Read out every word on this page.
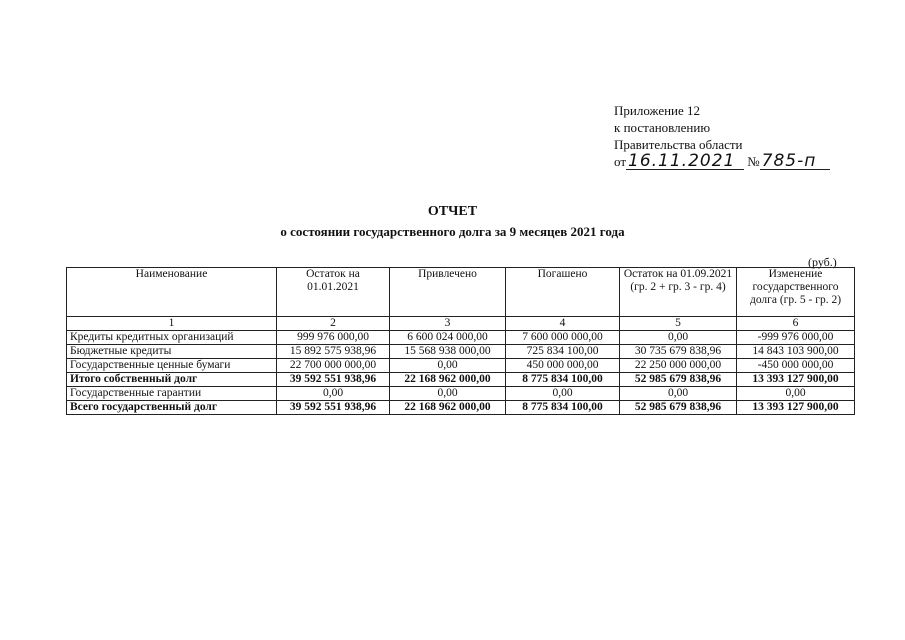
Приложение 12
к постановлению
Правительства области
от 16.11.2021 № 785-п
ОТЧЕТ
о состоянии государственного долга за 9 месяцев 2021 года
(руб.)
Наименование	Остаток на 01.01.2021	Привлечено	Погашено	Остаток на 01.09.2021 (гр. 2 + гр. 3 - гр. 4)	Изменение государственного долга (гр. 5 - гр. 2)
1	2	3	4	5	6
Кредиты кредитных организаций	999 976 000,00	6 600 024 000,00	7 600 000 000,00	0,00	-999 976 000,00
Бюджетные кредиты	15 892 575 938,96	15 568 938 000,00	725 834 100,00	30 735 679 838,96	14 843 103 900,00
Государственные ценные бумаги	22 700 000 000,00	0,00	450 000 000,00	22 250 000 000,00	-450 000 000,00
Итого собственный долг	39 592 551 938,96	22 168 962 000,00	8 775 834 100,00	52 985 679 838,96	13 393 127 900,00
Государственные гарантии	0,00	0,00	0,00	0,00	0,00
Всего государственный долг	39 592 551 938,96	22 168 962 000,00	8 775 834 100,00	52 985 679 838,96	13 393 127 900,00
